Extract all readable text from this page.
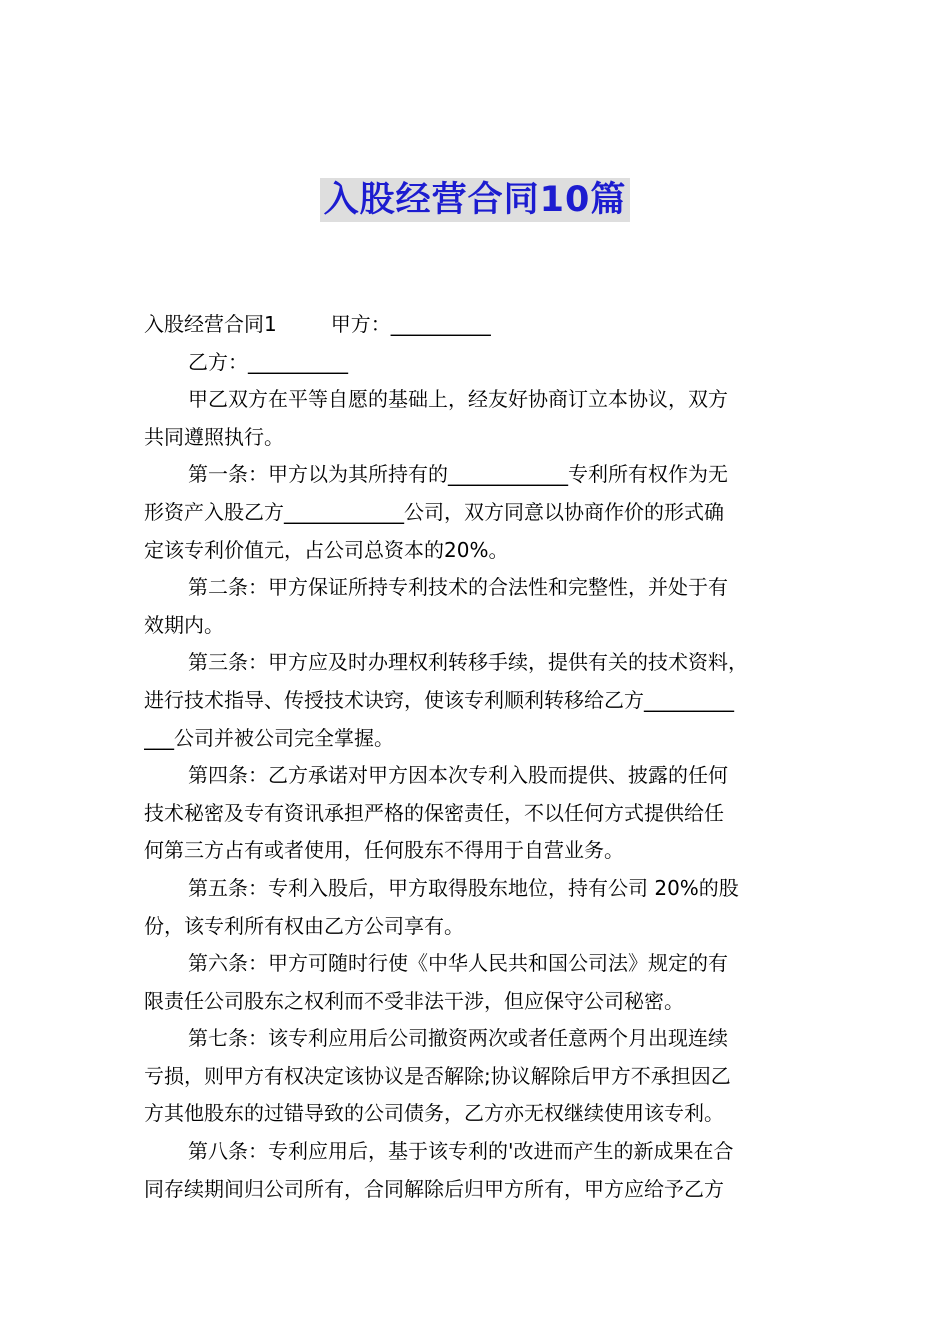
入股经营合同10篇
入股经营合同1	甲方：__________
乙方：__________
甲乙双方在平等自愿的基础上，经友好协商订立本协议，双方
共同遵照执行。
第一条：甲方以为其所持有的____________专利所有权作为无
形资产入股乙方____________公司，双方同意以协商作价的形式确
定该专利价值元，占公司总资本的20%。
第二条：甲方保证所持专利技术的合法性和完整性，并处于有
效期内。
第三条：甲方应及时办理权利转移手续，提供有关的技术资料，
进行技术指导、传授技术诀窍，使该专利顺利转移给乙方_________
___公司并被公司完全掌握。
第四条：乙方承诺对甲方因本次专利入股而提供、披露的任何
技术秘密及专有资讯承担严格的保密责任，不以任何方式提供给任
何第三方占有或者使用，任何股东不得用于自营业务。
第五条：专利入股后，甲方取得股东地位，持有公司 20%的股
份，该专利所有权由乙方公司享有。
第六条：甲方可随时行使《中华人民共和国公司法》规定的有
限责任公司股东之权利而不受非法干涉，但应保守公司秘密。
第七条：该专利应用后公司撤资两次或者任意两个月出现连续
亏损，则甲方有权决定该协议是否解除;协议解除后甲方不承担因乙
方其他股东的过错导致的公司债务，乙方亦无权继续使用该专利。
第八条：专利应用后，基于该专利的'改进而产生的新成果在合
同存续期间归公司所有，合同解除后归甲方所有，甲方应给予乙方
